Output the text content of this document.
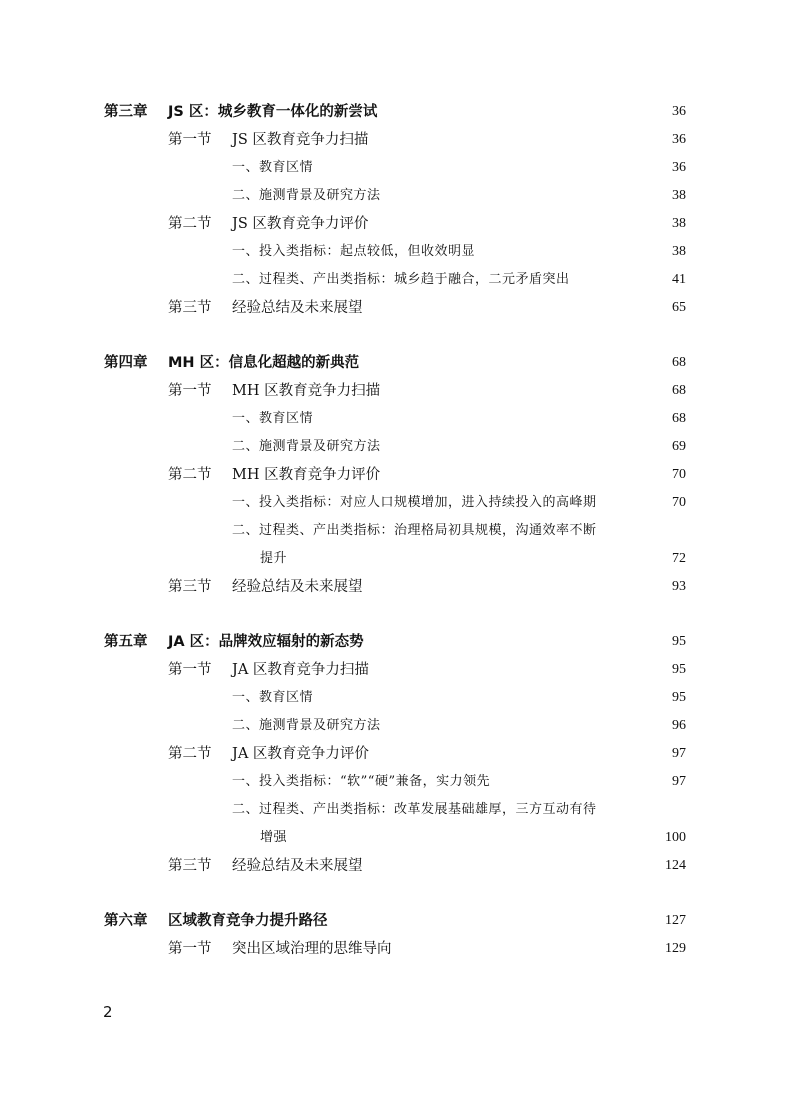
第三章 JS 区：城乡教育一体化的新尝试	36
第一节 JS 区教育竞争力扫描	36
一、教育区情	36
二、施测背景及研究方法	38
第二节 JS 区教育竞争力评价	38
一、投入类指标：起点较低，但收效明显	38
二、过程类、产出类指标：城乡趋于融合，二元矛盾突出	41
第三节 经验总结及未来展望	65
第四章 MH 区：信息化超越的新典范	68
第一节 MH 区教育竞争力扫描	68
一、教育区情	68
二、施测背景及研究方法	69
第二节 MH 区教育竞争力评价	70
一、投入类指标：对应人口规模增加，进入持续投入的高峰期	70
二、过程类、产出类指标：治理格局初具规模，沟通效率不断
提升	72
第三节 经验总结及未来展望	93
第五章 JA 区：品牌效应辐射的新态势	95
第一节 JA 区教育竞争力扫描	95
一、教育区情	95
二、施测背景及研究方法	96
第二节 JA 区教育竞争力评价	97
一、投入类指标：“软”“硬”兼备，实力领先	97
二、过程类、产出类指标：改革发展基础雄厚，三方互动有待
增强	100
第三节 经验总结及未来展望	124
第六章 区域教育竞争力提升路径	127
第一节 突出区域治理的思维导向	129
2
